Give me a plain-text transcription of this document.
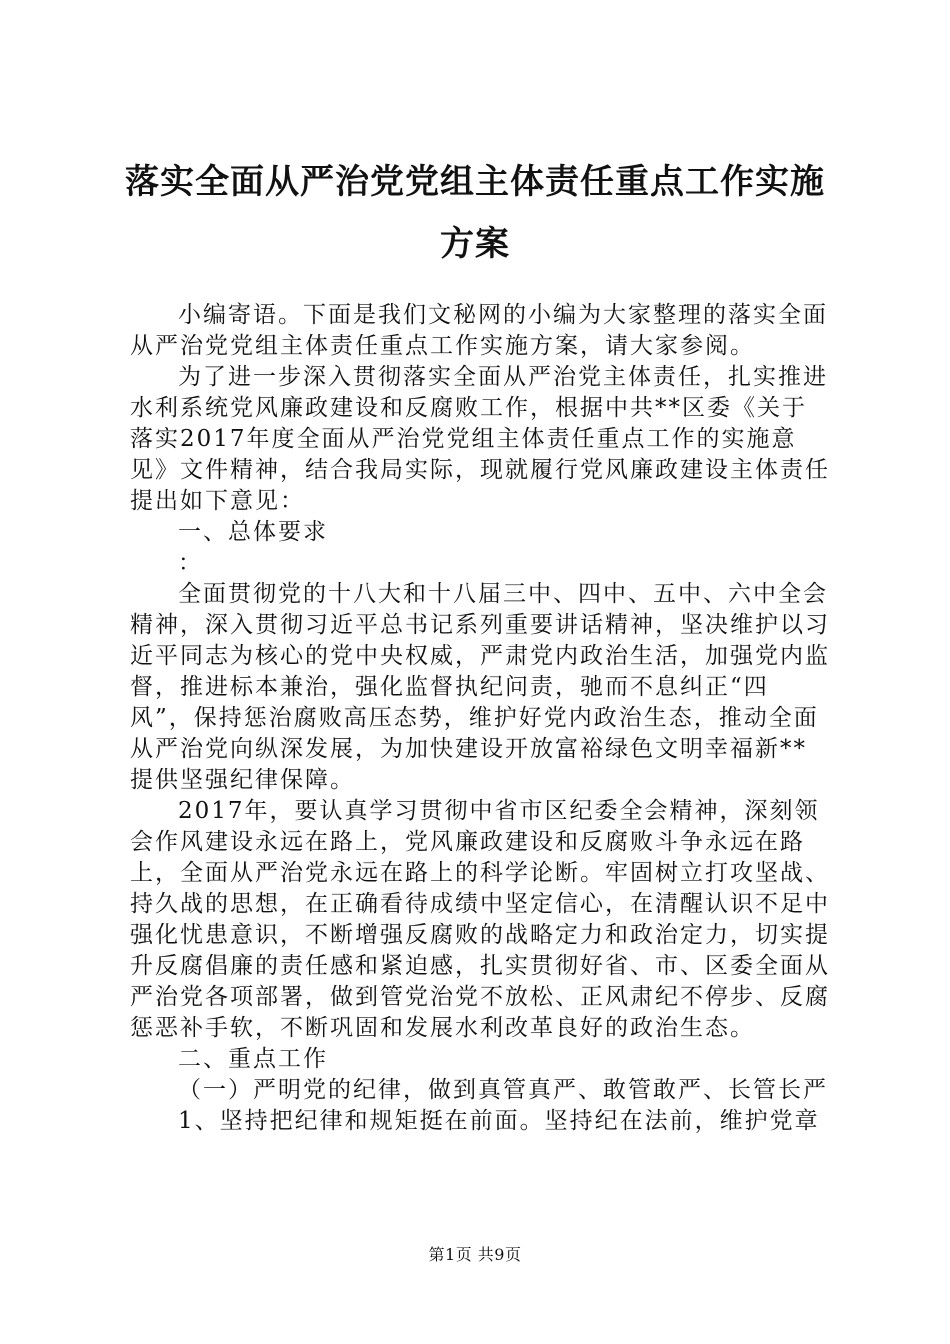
落实全面从严治党党组主体责任重点工作实施
方案

小编寄语。下面是我们文秘网的小编为大家整理的落实全面从严治党党组主体责任重点工作实施方案，请大家参阅。

为了进一步深入贯彻落实全面从严治党主体责任，扎实推进水利系统党风廉政建设和反腐败工作，根据中共**区委《关于落实2017年度全面从严治党党组主体责任重点工作的实施意见》文件精神，结合我局实际，现就履行党风廉政建设主体责任提出如下意见：

一、总体要求

：

全面贯彻党的十八大和十八届三中、四中、五中、六中全会精神，深入贯彻习近平总书记系列重要讲话精神，坚决维护以习近平同志为核心的党中央权威，严肃党内政治生活，加强党内监督，推进标本兼治，强化监督执纪问责，驰而不息纠正“四风”，保持惩治腐败高压态势，维护好党内政治生态，推动全面从严治党向纵深发展，为加快建设开放富裕绿色文明幸福新**提供坚强纪律保障。

2017年，要认真学习贯彻中省市区纪委全会精神，深刻领会作风建设永远在路上，党风廉政建设和反腐败斗争永远在路上，全面从严治党永远在路上的科学论断。牢固树立打攻坚战、持久战的思想，在正确看待成绩中坚定信心，在清醒认识不足中强化忧患意识，不断增强反腐败的战略定力和政治定力，切实提升反腐倡廉的责任感和紧迫感，扎实贯彻好省、市、区委全面从严治党各项部署，做到管党治党不放松、正风肃纪不停步、反腐惩恶补手软，不断巩固和发展水利改革良好的政治生态。

二、重点工作

（一）严明党的纪律，做到真管真严、敢管敢严、长管长严

1、坚持把纪律和规矩挺在前面。坚持纪在法前，维护党章

第1页 共9页
